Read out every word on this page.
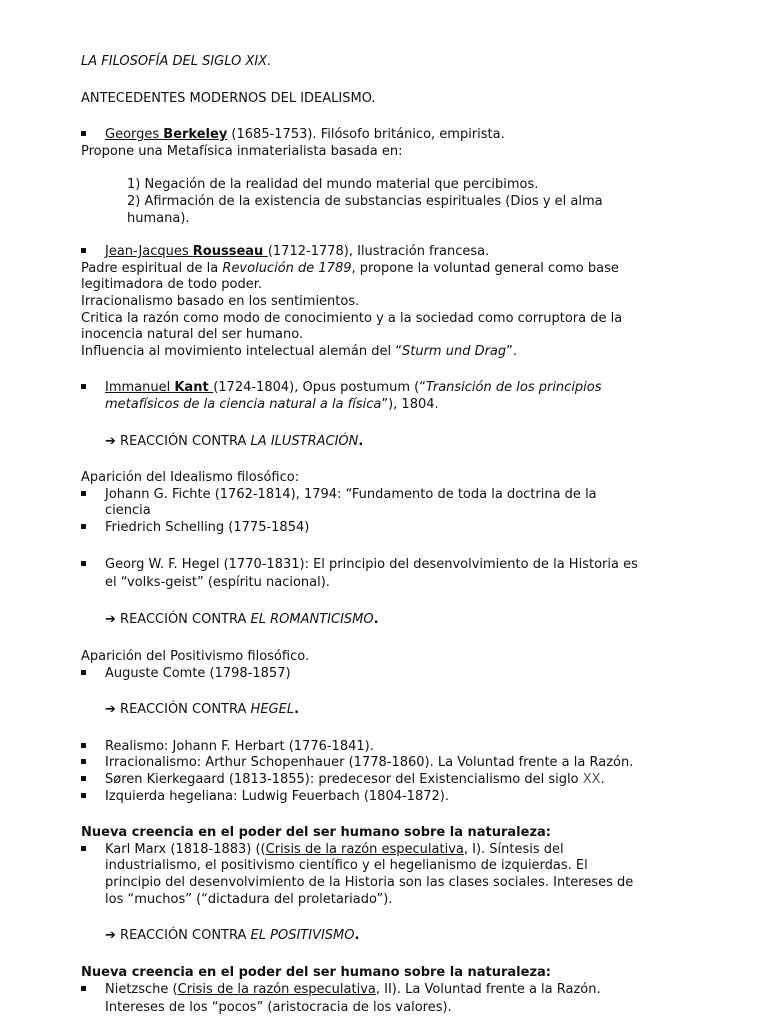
LA FILOSOFÍA DEL SIGLO XIX.
ANTECEDENTES MODERNOS DEL IDEALISMO.
Georges Berkeley (1685-1753). Filósofo británico, empirista.
Propone una Metafísica inmaterialista basada en:
1) Negación de la realidad del mundo material que percibimos.
2) Afirmación de la existencia de substancias espirituales (Dios y el alma
humana).
Jean-Jacques Rousseau (1712-1778), Ilustración francesa.
Padre espiritual de la Revolución de 1789, propone la voluntad general como base
legitimadora de todo poder.
Irracionalismo basado en los sentimientos.
Critica la razón como modo de conocimiento y a la sociedad como corruptora de la
inocencia natural del ser humano.
Influencia al movimiento intelectual alemán del “Sturm und Drag”.
Immanuel Kant (1724-1804), Opus postumum (“Transición de los principios
metafísicos de la ciencia natural a la física”), 1804.
➔ REACCIÓN CONTRA LA ILUSTRACIÓN.
Aparición del Idealismo filosófico:
Johann G. Fichte (1762-1814), 1794: “Fundamento de toda la doctrina de la
ciencia
Friedrich Schelling (1775-1854)
Georg W. F. Hegel (1770-1831): El principio del desenvolvimiento de la Historia es
el “volks-geist” (espíritu nacional).
➔ REACCIÓN CONTRA EL ROMANTICISMO.
Aparición del Positivismo filosófico.
Auguste Comte (1798-1857)
➔ REACCIÓN CONTRA HEGEL.
Realismo: Johann F. Herbart (1776-1841).
Irracionalismo: Arthur Schopenhauer (1778-1860). La Voluntad frente a la Razón.
Søren Kierkegaard (1813-1855): predecesor del Existencialismo del siglo XX.
Izquierda hegeliana: Ludwig Feuerbach (1804-1872).
Nueva creencia en el poder del ser humano sobre la naturaleza:
Karl Marx (1818-1883) ((Crisis de la razón especulativa, I). Síntesis del
industrialismo, el positivismo científico y el hegelianismo de izquierdas. El
principio del desenvolvimiento de la Historia son las clases sociales. Intereses de
los “muchos” (“dictadura del proletariado”).
➔ REACCIÓN CONTRA EL POSITIVISMO.
Nueva creencia en el poder del ser humano sobre la naturaleza:
Nietzsche (Crisis de la razón especulativa, II). La Voluntad frente a la Razón.
Intereses de los “pocos” (aristocracia de los valores).
